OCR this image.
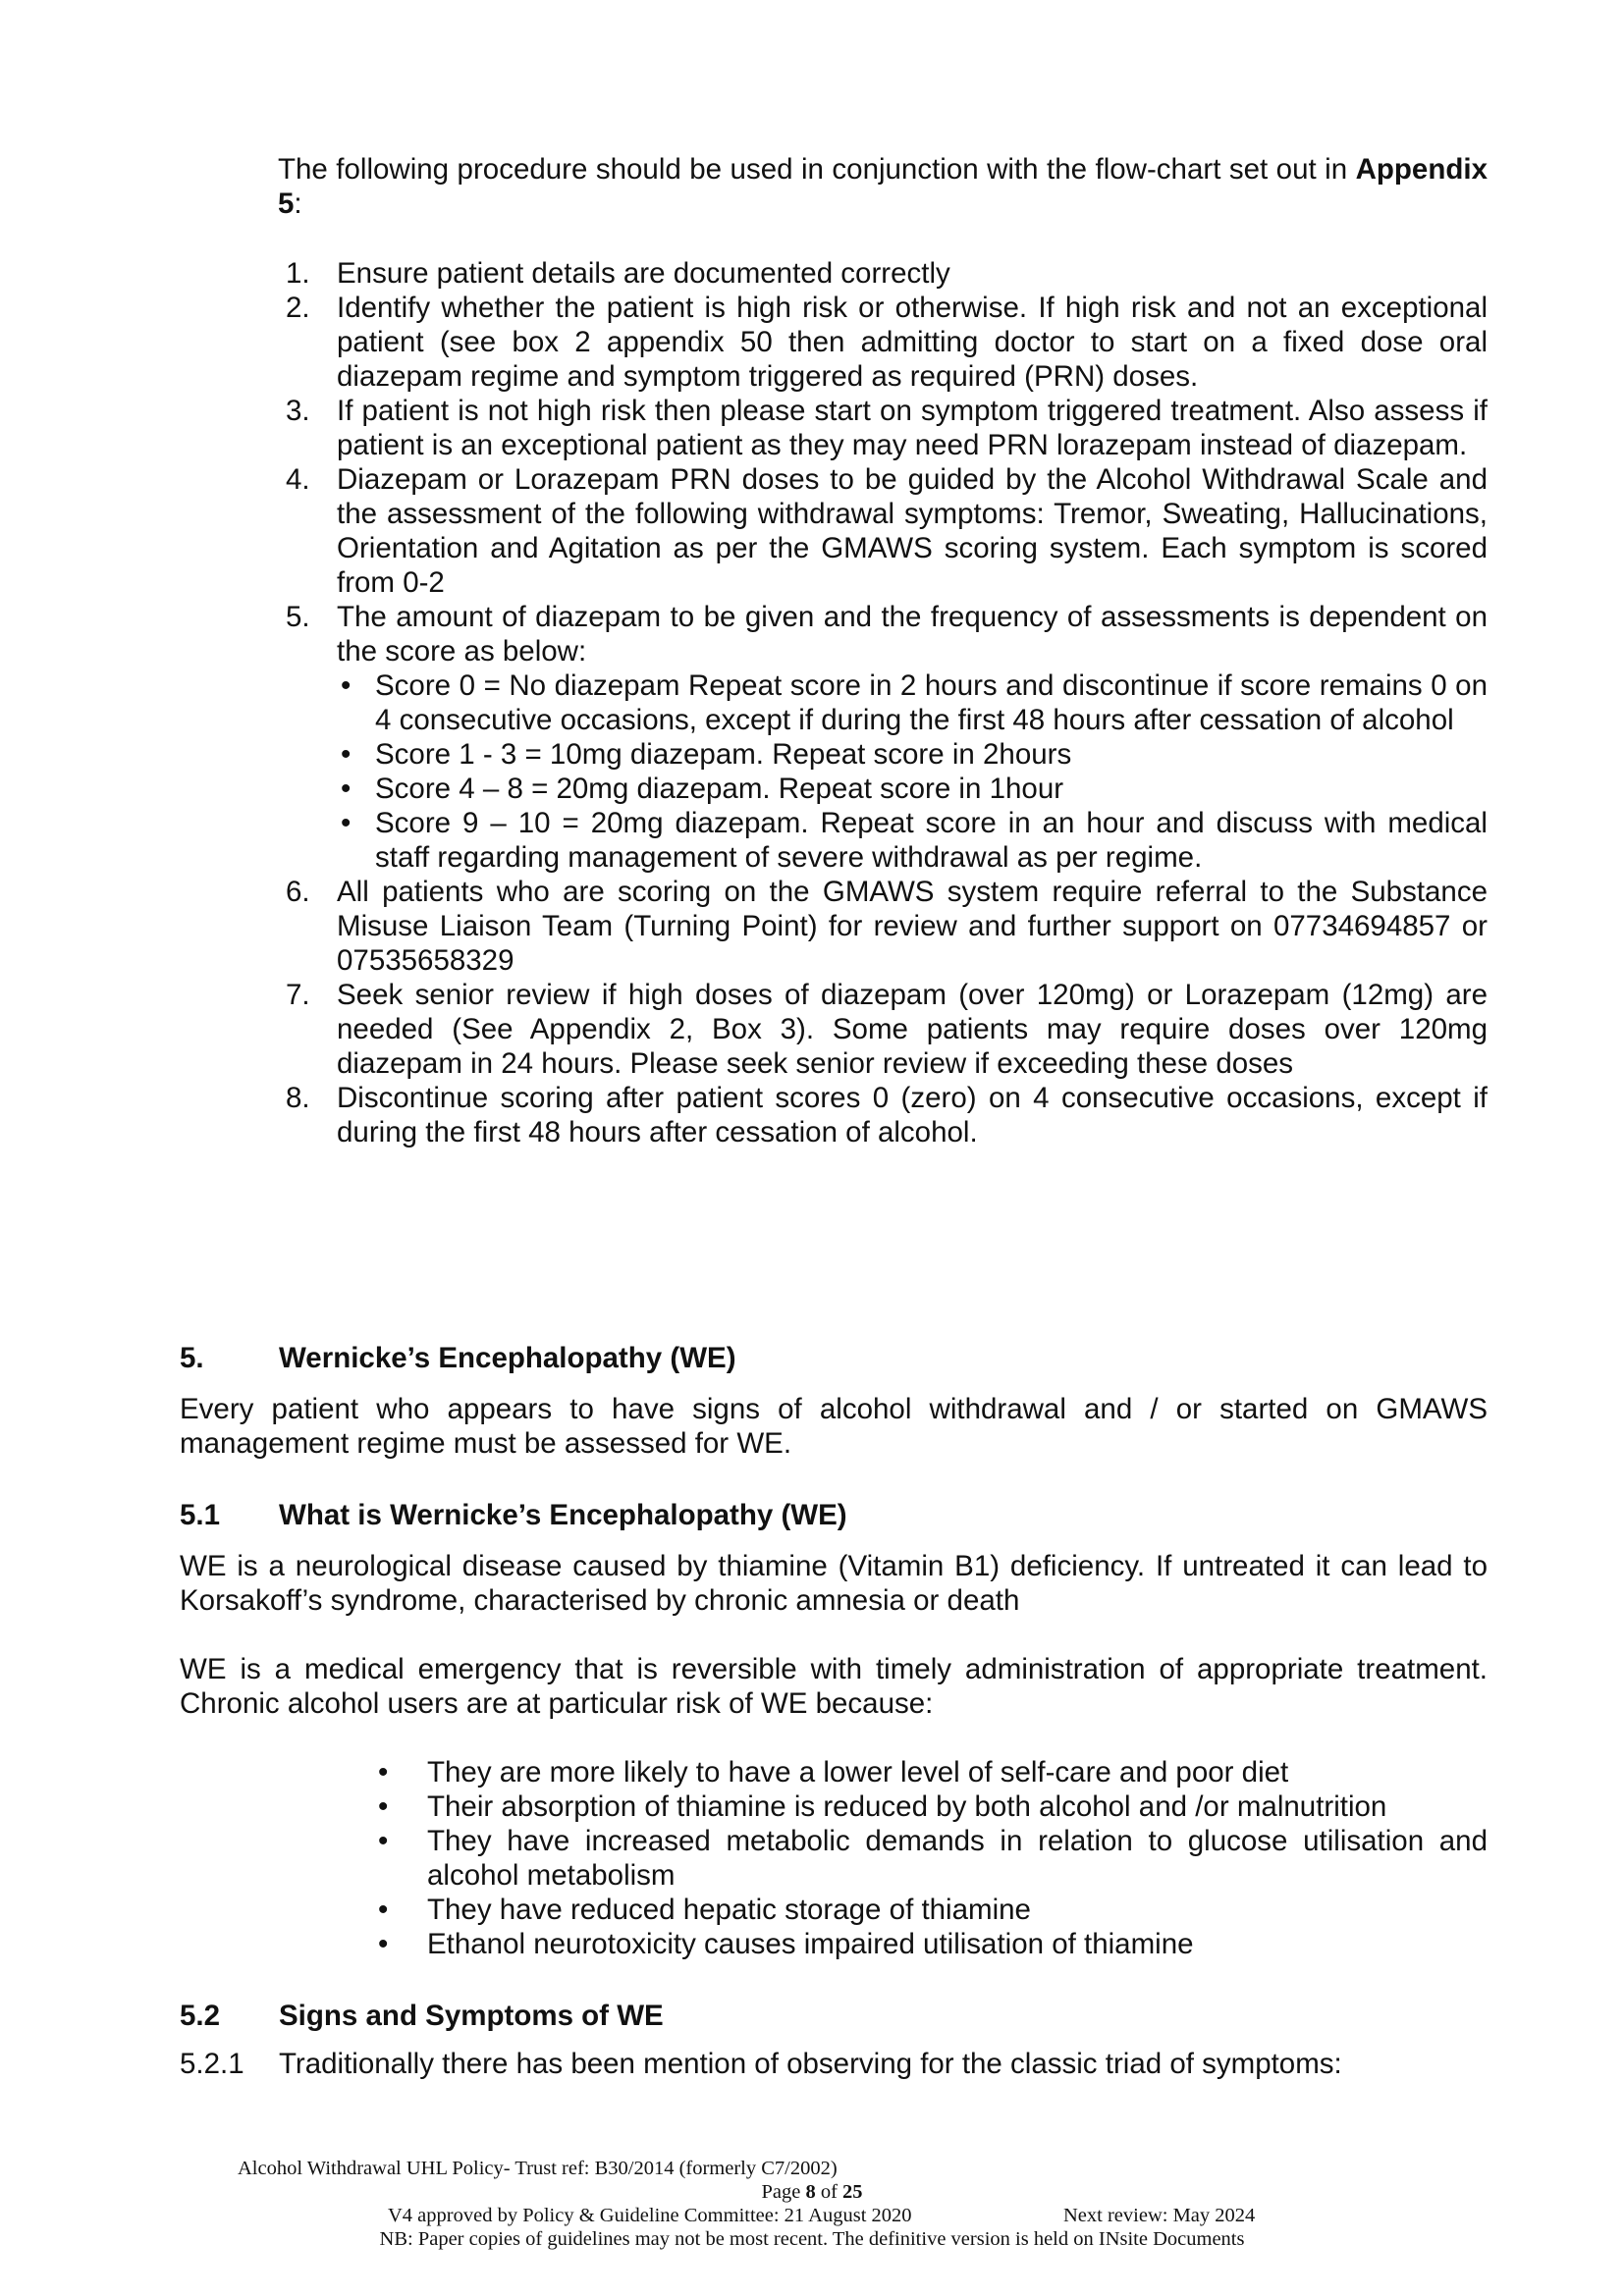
The following procedure should be used in conjunction with the flow-chart set out in Appendix 5:
1. Ensure patient details are documented correctly
2. Identify whether the patient is high risk or otherwise. If high risk and not an exceptional patient (see box 2 appendix 50 then admitting doctor to start on a fixed dose oral diazepam regime and symptom triggered as required (PRN) doses.
3. If patient is not high risk then please start on symptom triggered treatment. Also assess if patient is an exceptional patient as they may need PRN lorazepam instead of diazepam.
4. Diazepam or Lorazepam PRN doses to be guided by the Alcohol Withdrawal Scale and the assessment of the following withdrawal symptoms: Tremor, Sweating, Hallucinations, Orientation and Agitation as per the GMAWS scoring system. Each symptom is scored from 0-2
5. The amount of diazepam to be given and the frequency of assessments is dependent on the score as below:
• Score 0 = No diazepam Repeat score in 2 hours and discontinue if score remains 0 on 4 consecutive occasions, except if during the first 48 hours after cessation of alcohol
• Score 1 - 3 = 10mg diazepam. Repeat score in 2hours
• Score 4 – 8 = 20mg diazepam. Repeat score in 1hour
• Score 9 – 10 = 20mg diazepam. Repeat score in an hour and discuss with medical staff regarding management of severe withdrawal as per regime.
6. All patients who are scoring on the GMAWS system require referral to the Substance Misuse Liaison Team (Turning Point) for review and further support on 07734694857 or 07535658329
7. Seek senior review if high doses of diazepam (over 120mg) or Lorazepam (12mg) are needed (See Appendix 2, Box 3). Some patients may require doses over 120mg diazepam in 24 hours. Please seek senior review if exceeding these doses
8. Discontinue scoring after patient scores 0 (zero) on 4 consecutive occasions, except if during the first 48 hours after cessation of alcohol.
5.	Wernicke’s Encephalopathy (WE)

Every patient who appears to have signs of alcohol withdrawal and / or started on GMAWS management regime must be assessed for WE.

5.1 What is Wernicke’s Encephalopathy (WE)

WE is a neurological disease caused by thiamine (Vitamin B1) deficiency. If untreated it can lead to Korsakoff’s syndrome, characterised by chronic amnesia or death

WE is a medical emergency that is reversible with timely administration of appropriate treatment. Chronic alcohol users are at particular risk of WE because:

• They are more likely to have a lower level of self-care and poor diet
• Their absorption of thiamine is reduced by both alcohol and /or malnutrition
• They have increased metabolic demands in relation to glucose utilisation and alcohol metabolism
• They have reduced hepatic storage of thiamine
• Ethanol neurotoxicity causes impaired utilisation of thiamine
5.2 Signs and Symptoms of WE
5.2.1 Traditionally there has been mention of observing for the classic triad of symptoms:
Alcohol Withdrawal UHL Policy- Trust ref: B30/2014 (formerly C7/2002)
Page 8 of 25
V4 approved by Policy & Guideline Committee: 21 August 2020	Next review: May 2024
NB: Paper copies of guidelines may not be most recent. The definitive version is held on INsite Documents
